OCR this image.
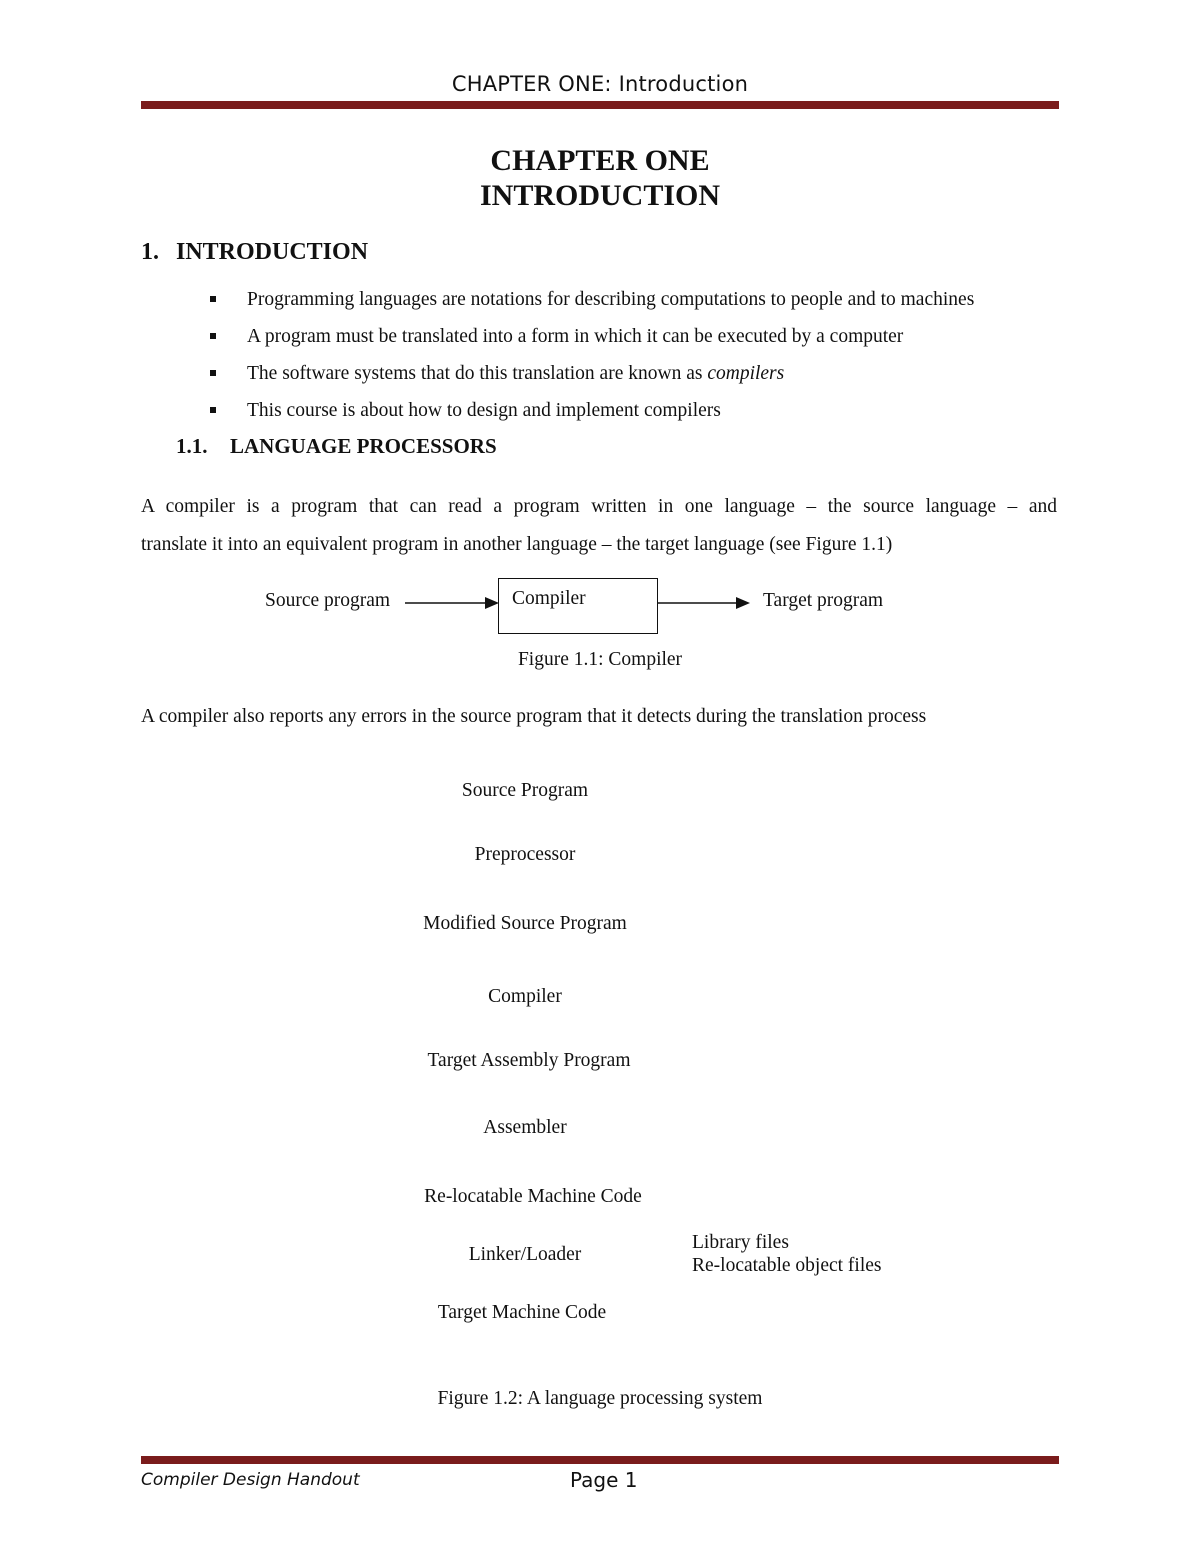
CHAPTER ONE: Introduction
CHAPTER ONE
INTRODUCTION
1. INTRODUCTION
Programming languages are notations for describing computations to people and to machines
A program must be translated into a form in which it can be executed by a computer
The software systems that do this translation are known as compilers
This course is about how to design and implement compilers
1.1. LANGUAGE PROCESSORS
A compiler is a program that can read a program written in one language – the source language – and
translate it into an equivalent program in another language – the target language (see Figure 1.1)
Source program	Compiler	Target program
Figure 1.1: Compiler
A compiler also reports any errors in the source program that it detects during the translation process
Source Program
Preprocessor
Modified Source Program
Compiler
Target Assembly Program
Assembler
Re-locatable Machine Code
Linker/Loader
Target Machine Code
Library files
Re-locatable object files
Figure 1.2: A language processing system
Compiler Design Handout	Page 1
